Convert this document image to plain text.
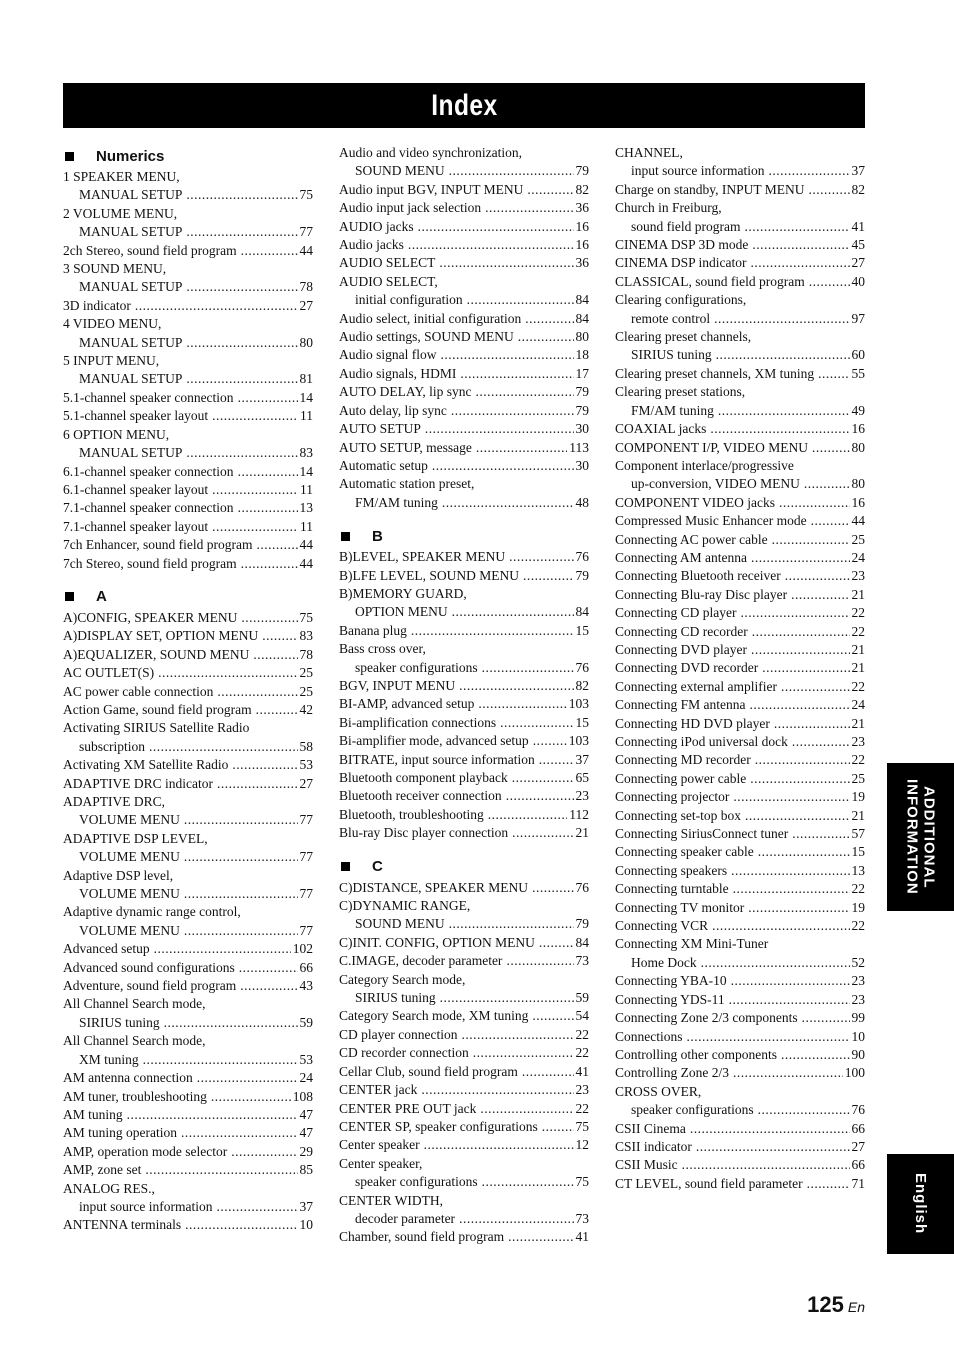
Index
Numerics
1 SPEAKER MENU,
MANUAL SETUP .....	75
2 VOLUME MENU,
MANUAL SETUP .....	77
2ch Stereo, sound field program .....	44
3 SOUND MENU,
MANUAL SETUP .....	78
3D indicator .....	27
4 VIDEO MENU,
MANUAL SETUP .....	80
5 INPUT MENU,
MANUAL SETUP .....	81
5.1-channel speaker connection .....	14
5.1-channel speaker layout .....	11
6 OPTION MENU,
MANUAL SETUP .....	83
6.1-channel speaker connection .....	14
6.1-channel speaker layout .....	11
7.1-channel speaker connection .....	13
7.1-channel speaker layout .....	11
7ch Enhancer, sound field program .....	44
7ch Stereo, sound field program .....	44
A
A)CONFIG, SPEAKER MENU .....	75
A)DISPLAY SET, OPTION MENU .....	83
A)EQUALIZER, SOUND MENU .....	78
AC OUTLET(S) .....	25
AC power cable connection .....	25
Action Game, sound field program .....	42
Activating SIRIUS Satellite Radio
subscription .....	58
Activating XM Satellite Radio .....	53
ADAPTIVE DRC indicator .....	27
ADAPTIVE DRC,
VOLUME MENU .....	77
ADAPTIVE DSP LEVEL,
VOLUME MENU .....	77
Adaptive DSP level,
VOLUME MENU .....	77
Adaptive dynamic range control,
VOLUME MENU .....	77
Advanced setup .....	102
Advanced sound configurations .....	66
Adventure, sound field program .....	43
All Channel Search mode,
SIRIUS tuning .....	59
All Channel Search mode,
XM tuning .....	53
AM antenna connection .....	24
AM tuner, troubleshooting .....	108
AM tuning .....	47
AM tuning operation .....	47
AMP, operation mode selector .....	29
AMP, zone set .....	85
ANALOG RES.,
input source information .....	37
ANTENNA terminals .....	10
Audio and video synchronization,
SOUND MENU .....	79
Audio input BGV, INPUT MENU .....	82
Audio input jack selection .....	36
AUDIO jacks .....	16
Audio jacks .....	16
AUDIO SELECT .....	36
AUDIO SELECT,
initial configuration .....	84
Audio select, initial configuration .....	84
Audio settings, SOUND MENU .....	80
Audio signal flow .....	18
Audio signals, HDMI .....	17
AUTO DELAY, lip sync .....	79
Auto delay, lip sync .....	79
AUTO SETUP .....	30
AUTO SETUP, message .....	113
Automatic setup .....	30
Automatic station preset,
FM/AM tuning .....	48
B
B)LEVEL, SPEAKER MENU .....	76
B)LFE LEVEL, SOUND MENU .....	79
B)MEMORY GUARD,
OPTION MENU .....	84
Banana plug .....	15
Bass cross over,
speaker configurations .....	76
BGV, INPUT MENU .....	82
BI-AMP, advanced setup .....	103
Bi-amplification connections .....	15
Bi-amplifier mode, advanced setup .....	103
BITRATE, input source information .....	37
Bluetooth component playback .....	65
Bluetooth receiver connection .....	23
Bluetooth, troubleshooting .....	112
Blu-ray Disc player connection .....	21
C
C)DISTANCE, SPEAKER MENU .....	76
C)DYNAMIC RANGE,
SOUND MENU .....	79
C)INIT. CONFIG, OPTION MENU .....	84
C.IMAGE, decoder parameter .....	73
Category Search mode,
SIRIUS tuning .....	59
Category Search mode, XM tuning .....	54
CD player connection .....	22
CD recorder connection .....	22
Cellar Club, sound field program .....	41
CENTER jack .....	23
CENTER PRE OUT jack .....	22
CENTER SP, speaker configurations .....	75
Center speaker .....	12
Center speaker,
speaker configurations .....	75
CENTER WIDTH,
decoder parameter .....	73
Chamber, sound field program .....	41
CHANNEL,
input source information .....	37
Charge on standby, INPUT MENU .....	82
Church in Freiburg,
sound field program .....	41
CINEMA DSP 3D mode .....	45
CINEMA DSP indicator .....	27
CLASSICAL, sound field program .....	40
Clearing configurations,
remote control .....	97
Clearing preset channels,
SIRIUS tuning .....	60
Clearing preset channels, XM tuning .....	55
Clearing preset stations,
FM/AM tuning .....	49
COAXIAL jacks .....	16
COMPONENT I/P, VIDEO MENU .....	80
Component interlace/progressive
up-conversion, VIDEO MENU .....	80
COMPONENT VIDEO jacks .....	16
Compressed Music Enhancer mode .....	44
Connecting AC power cable .....	25
Connecting AM antenna .....	24
Connecting Bluetooth receiver .....	23
Connecting Blu-ray Disc player .....	21
Connecting CD player .....	22
Connecting CD recorder .....	22
Connecting DVD player .....	21
Connecting DVD recorder .....	21
Connecting external amplifier .....	22
Connecting FM antenna .....	24
Connecting HD DVD player .....	21
Connecting iPod universal dock .....	23
Connecting MD recorder .....	22
Connecting power cable .....	25
Connecting projector .....	19
Connecting set-top box .....	21
Connecting SiriusConnect tuner .....	57
Connecting speaker cable .....	15
Connecting speakers .....	13
Connecting turntable .....	22
Connecting TV monitor .....	19
Connecting VCR .....	22
Connecting XM Mini-Tuner
Home Dock .....	52
Connecting YBA-10 .....	23
Connecting YDS-11 .....	23
Connecting Zone 2/3 components .....	99
Connections .....	10
Controlling other components .....	90
Controlling Zone 2/3 .....	100
CROSS OVER,
speaker configurations .....	76
CSII Cinema .....	66
CSII indicator .....	27
CSII Music .....	66
CT LEVEL, sound field parameter .....	71
ADDITIONAL
INFORMATION
English
125 En
